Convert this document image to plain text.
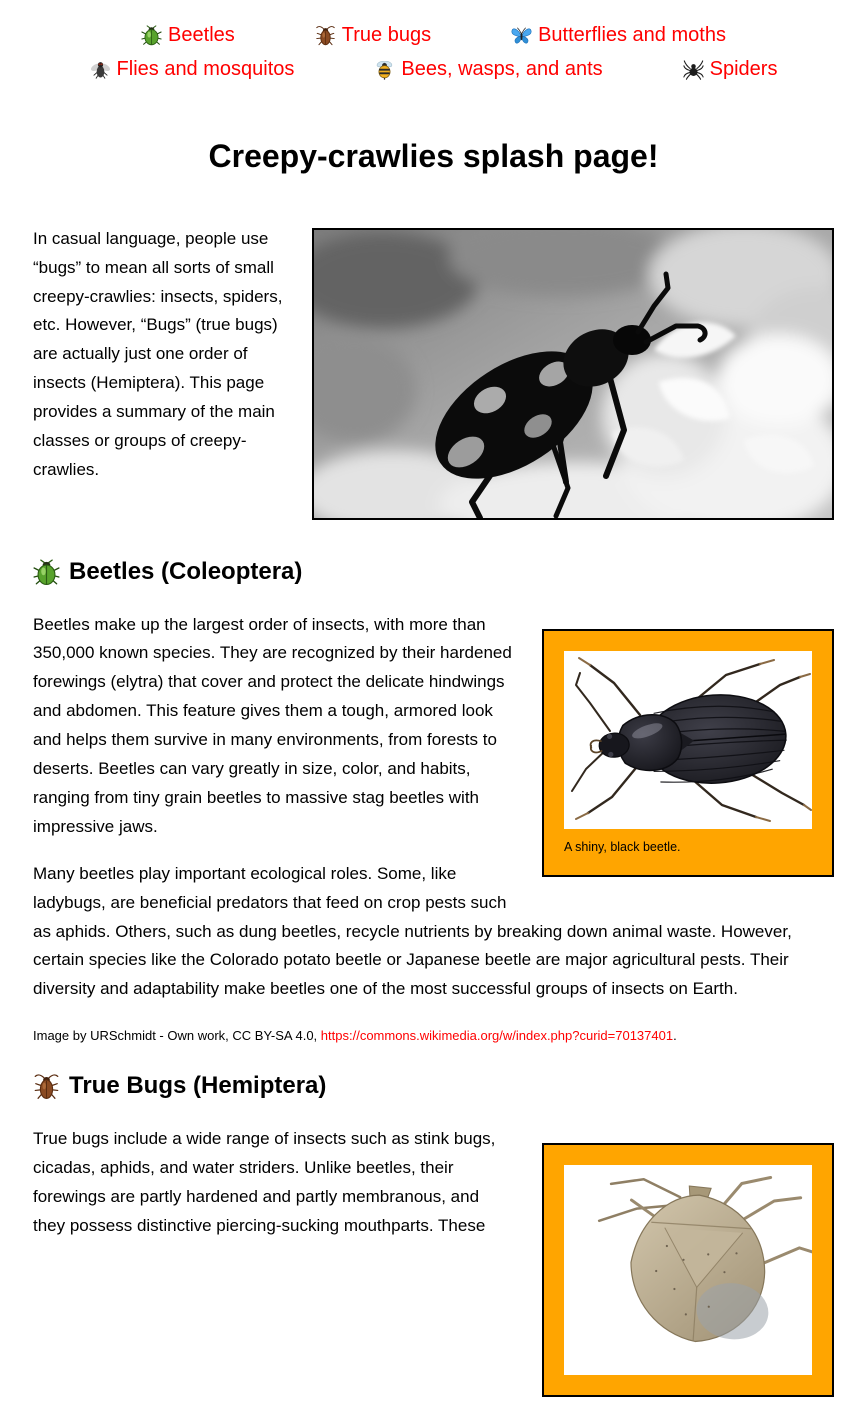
Beetles	True bugs	Butterflies and moths
Flies and mosquitos	Bees, wasps, and ants	Spiders
Creepy-crawlies splash page!

In casual language, people use “bugs” to mean all sorts of small creepy-crawlies: insects, spiders, etc. However, “Bugs” (true bugs) are actually just one order of insects (Hemiptera). This page provides a summary of the main classes or groups of creepy-crawlies.

Beetles (Coleoptera)
A shiny, black beetle.

Beetles make up the largest order of insects, with more than 350,000 known species. They are recognized by their hardened forewings (elytra) that cover and protect the delicate hindwings and abdomen. This feature gives them a tough, armored look and helps them survive in many environments, from forests to deserts. Beetles can vary greatly in size, color, and habits, ranging from tiny grain beetles to massive stag beetles with impressive jaws.

Many beetles play important ecological roles. Some, like ladybugs, are beneficial predators that feed on crop pests such as aphids. Others, such as dung beetles, recycle nutrients by breaking down animal waste. However, certain species like the Colorado potato beetle or Japanese beetle are major agricultural pests. Their diversity and adaptability make beetles one of the most successful groups of insects on Earth.

Image by URSchmidt - Own work, CC BY-SA 4.0, https://commons.wikimedia.org/w/index.php?curid=70137401.

True Bugs (Hemiptera)

True bugs include a wide range of insects such as stink bugs, cicadas, aphids, and water striders. Unlike beetles, their forewings are partly hardened and partly membranous, and they possess distinctive piercing-sucking mouthparts. These
